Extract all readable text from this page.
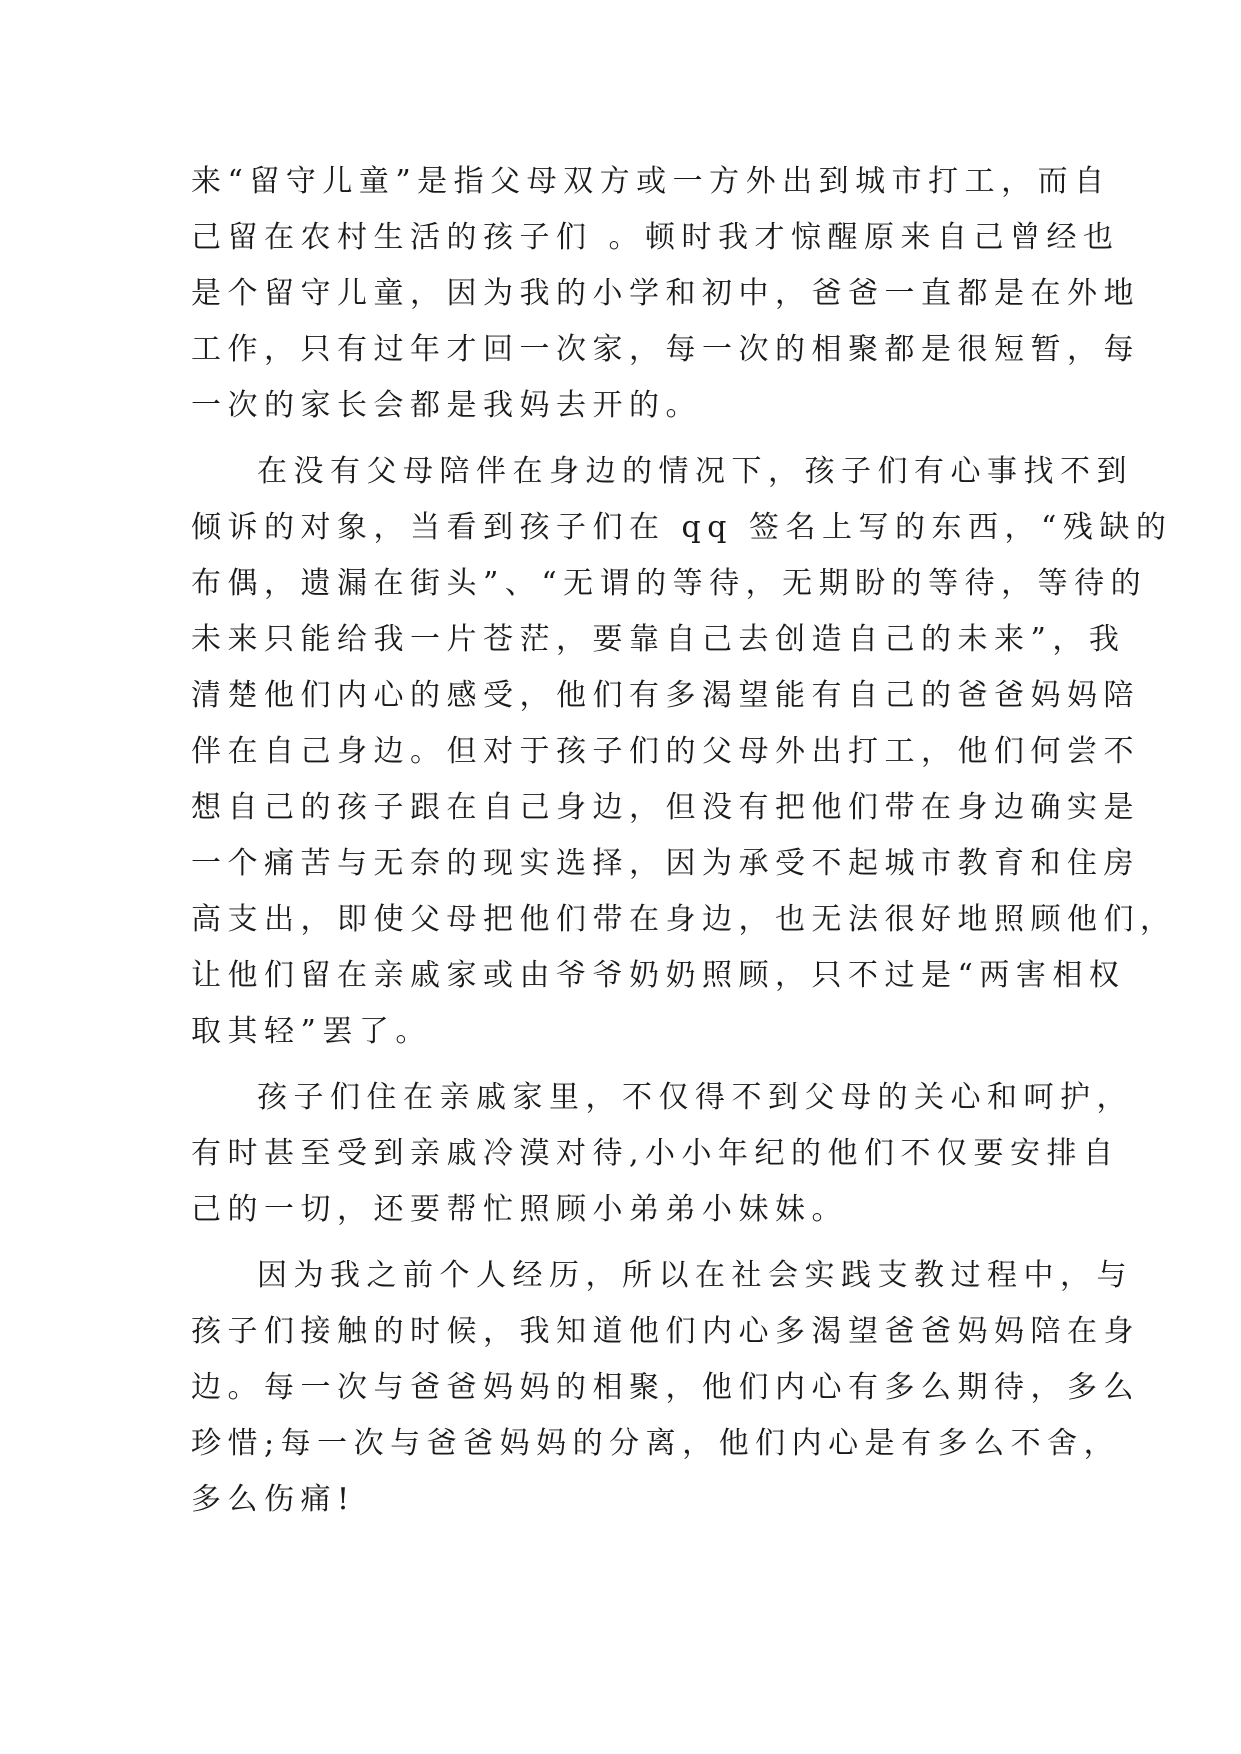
来“留守儿童”是指父母双方或一方外出到城市打工，而自
己留在农村生活的孩子们 。顿时我才惊醒原来自己曾经也
是个留守儿童，因为我的小学和初中，爸爸一直都是在外地
工作，只有过年才回一次家，每一次的相聚都是很短暂，每
一次的家长会都是我妈去开的。
在没有父母陪伴在身边的情况下，孩子们有心事找不到
倾诉的对象，当看到孩子们在 qq 签名上写的东西，“残缺的
布偶，遗漏在街头”、“无谓的等待，无期盼的等待，等待的
未来只能给我一片苍茫，要靠自己去创造自己的未来”，我
清楚他们内心的感受，他们有多渴望能有自己的爸爸妈妈陪
伴在自己身边。但对于孩子们的父母外出打工，他们何尝不
想自己的孩子跟在自己身边，但没有把他们带在身边确实是
一个痛苦与无奈的现实选择，因为承受不起城市教育和住房
高支出，即使父母把他们带在身边，也无法很好地照顾他们，
让他们留在亲戚家或由爷爷奶奶照顾，只不过是“两害相权
取其轻”罢了。
孩子们住在亲戚家里，不仅得不到父母的关心和呵护，
有时甚至受到亲戚冷漠对待,小小年纪的他们不仅要安排自
己的一切，还要帮忙照顾小弟弟小妹妹。
因为我之前个人经历，所以在社会实践支教过程中，与
孩子们接触的时候，我知道他们内心多渴望爸爸妈妈陪在身
边。每一次与爸爸妈妈的相聚，他们内心有多么期待，多么
珍惜;每一次与爸爸妈妈的分离，他们内心是有多么不舍，
多么伤痛!
